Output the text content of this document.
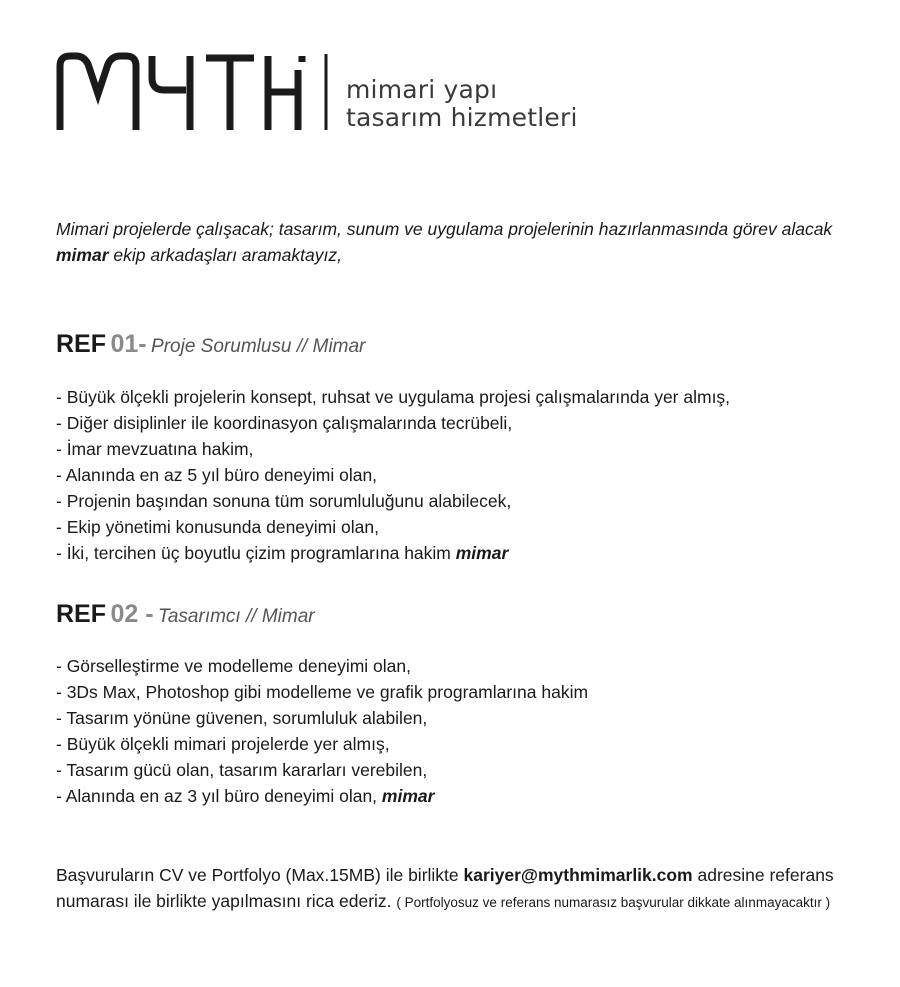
mimari yapı
tasarım hizmetleri
Mimari projelerde çalışacak; tasarım, sunum ve uygulama projelerinin hazırlanmasında görev alacak mimar ekip arkadaşları aramaktayız,
REF 01- Proje Sorumlusu // Mimar
- Büyük ölçekli projelerin konsept, ruhsat ve uygulama projesi çalışmalarında yer almış,
- Diğer disiplinler ile koordinasyon çalışmalarında tecrübeli,
- İmar mevzuatına hakim,
- Alanında en az 5 yıl büro deneyimi olan,
- Projenin başından sonuna tüm sorumluluğunu alabilecek,
- Ekip yönetimi konusunda deneyimi olan,
- İki, tercihen üç boyutlu çizim programlarına hakim mimar
REF 02 - Tasarımcı // Mimar
- Görselleştirme ve modelleme deneyimi olan,
- 3Ds Max, Photoshop gibi modelleme ve grafik programlarına hakim
- Tasarım yönüne güvenen, sorumluluk alabilen,
- Büyük ölçekli mimari projelerde yer almış,
- Tasarım gücü olan, tasarım kararları verebilen,
- Alanında en az 3 yıl büro deneyimi olan, mimar
Başvuruların CV ve Portfolyo (Max.15MB) ile birlikte kariyer@mythmimarlik.com adresine referans numarası ile birlikte yapılmasını rica ederiz. ( Portfolyosuz ve referans numarasız başvurular dikkate alınmayacaktır )
